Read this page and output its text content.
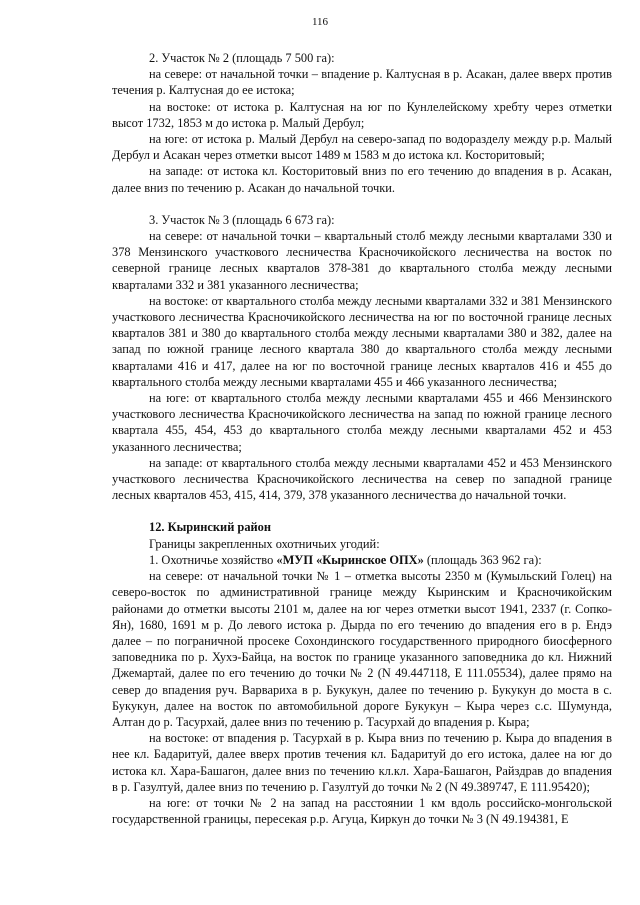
116

2. Участок № 2 (площадь 7 500 га):

на севере: от начальной точки – впадение р. Калтусная в р. Асакан, далее вверх против течения р. Калтусная до ее истока;

на востоке: от истока р. Калтусная на юг по Кунлелейскому хребту через отметки высот 1732, 1853 м до истока р. Малый Дербул;

на юге: от истока р. Малый Дербул на северо-запад по водоразделу между р.р. Малый Дербул и Асакан через отметки высот 1489 м 1583 м до истока кл. Косторитовый;

на западе: от истока кл. Косторитовый вниз по его течению до впадения в р. Асакан, далее вниз по течению р. Асакан до начальной точки.

3. Участок № 3 (площадь 6 673 га):

на севере: от начальной точки – квартальный столб между лесными кварталами 330 и 378 Мензинского участкового лесничества Красночикойского лесничества на восток по северной границе лесных кварталов 378-381 до квартального столба между лесными кварталами 332 и 381 указанного лесничества;

на востоке: от квартального столба между лесными кварталами 332 и 381 Мензинского участкового лесничества Красночикойского лесничества на юг по восточной границе лесных кварталов 381 и 380 до квартального столба между лесными кварталами 380 и 382, далее на запад по южной границе лесного квартала 380 до квартального столба между лесными кварталами 416 и 417, далее на юг по восточной границе лесных кварталов 416 и 455 до квартального столба между лесными кварталами 455 и 466 указанного лесничества;

на юге: от квартального столба между лесными кварталами 455 и 466 Мензинского участкового лесничества Красночикойского лесничества на запад по южной границе лесного квартала 455, 454, 453 до квартального столба между лесными кварталами 452 и 453 указанного лесничества;

на западе: от квартального столба между лесными кварталами 452 и 453 Мензинского участкового лесничества Красночикойского лесничества на север по западной границе лесных кварталов 453, 415, 414, 379, 378 указанного лесничества до начальной точки.

12. Кыринский район

Границы закрепленных охотничьих угодий:

1. Охотничье хозяйство «МУП «Кыринское ОПХ» (площадь 363 962 га):

на севере: от начальной точки № 1 – отметка высоты 2350 м (Кумыльский Голец) на северо-восток по административной границе между Кыринским и Красночикойским районами до отметки высоты 2101 м, далее на юг через отметки высот 1941, 2337 (г. Сопко-Ян), 1680, 1691 м р. До левого истока р. Дырда по его течению до впадения его в р. Ендэ далее – по пограничной просеке Сохондинского государственного природного биосферного заповедника по р. Хухэ-Байца, на восток по границе указанного заповедника до кл. Нижний Джемартай, далее по его течению до точки № 2 (N 49.447118, E 111.05534), далее прямо на север до впадения руч. Варвариха в р. Букукун, далее по течению р. Букукун до моста в с. Букукун, далее на восток по автомобильной дороге Букукун – Кыра через с.с. Шумунда, Алтан до р. Тасурхай, далее вниз по течению р. Тасурхай до впадения р. Кыра;

на востоке: от впадения р. Тасурхай в р. Кыра вниз по течению р. Кыра до впадения в нее кл. Бадаритуй, далее вверх против течения кл. Бадаритуй до его истока, далее на юг до истока кл. Хара-Башагон, далее вниз по течению кл.кл. Хара-Башагон, Райздрав до впадения в р. Газултуй, далее вниз по течению р. Газултуй до точки № 2 (N 49.389747, E 111.95420);

на юге: от точки № 2 на запад на расстоянии 1 км вдоль российско-монгольской государственной границы, пересекая р.р. Агуца, Киркун до точки № 3 (N 49.194381, E
